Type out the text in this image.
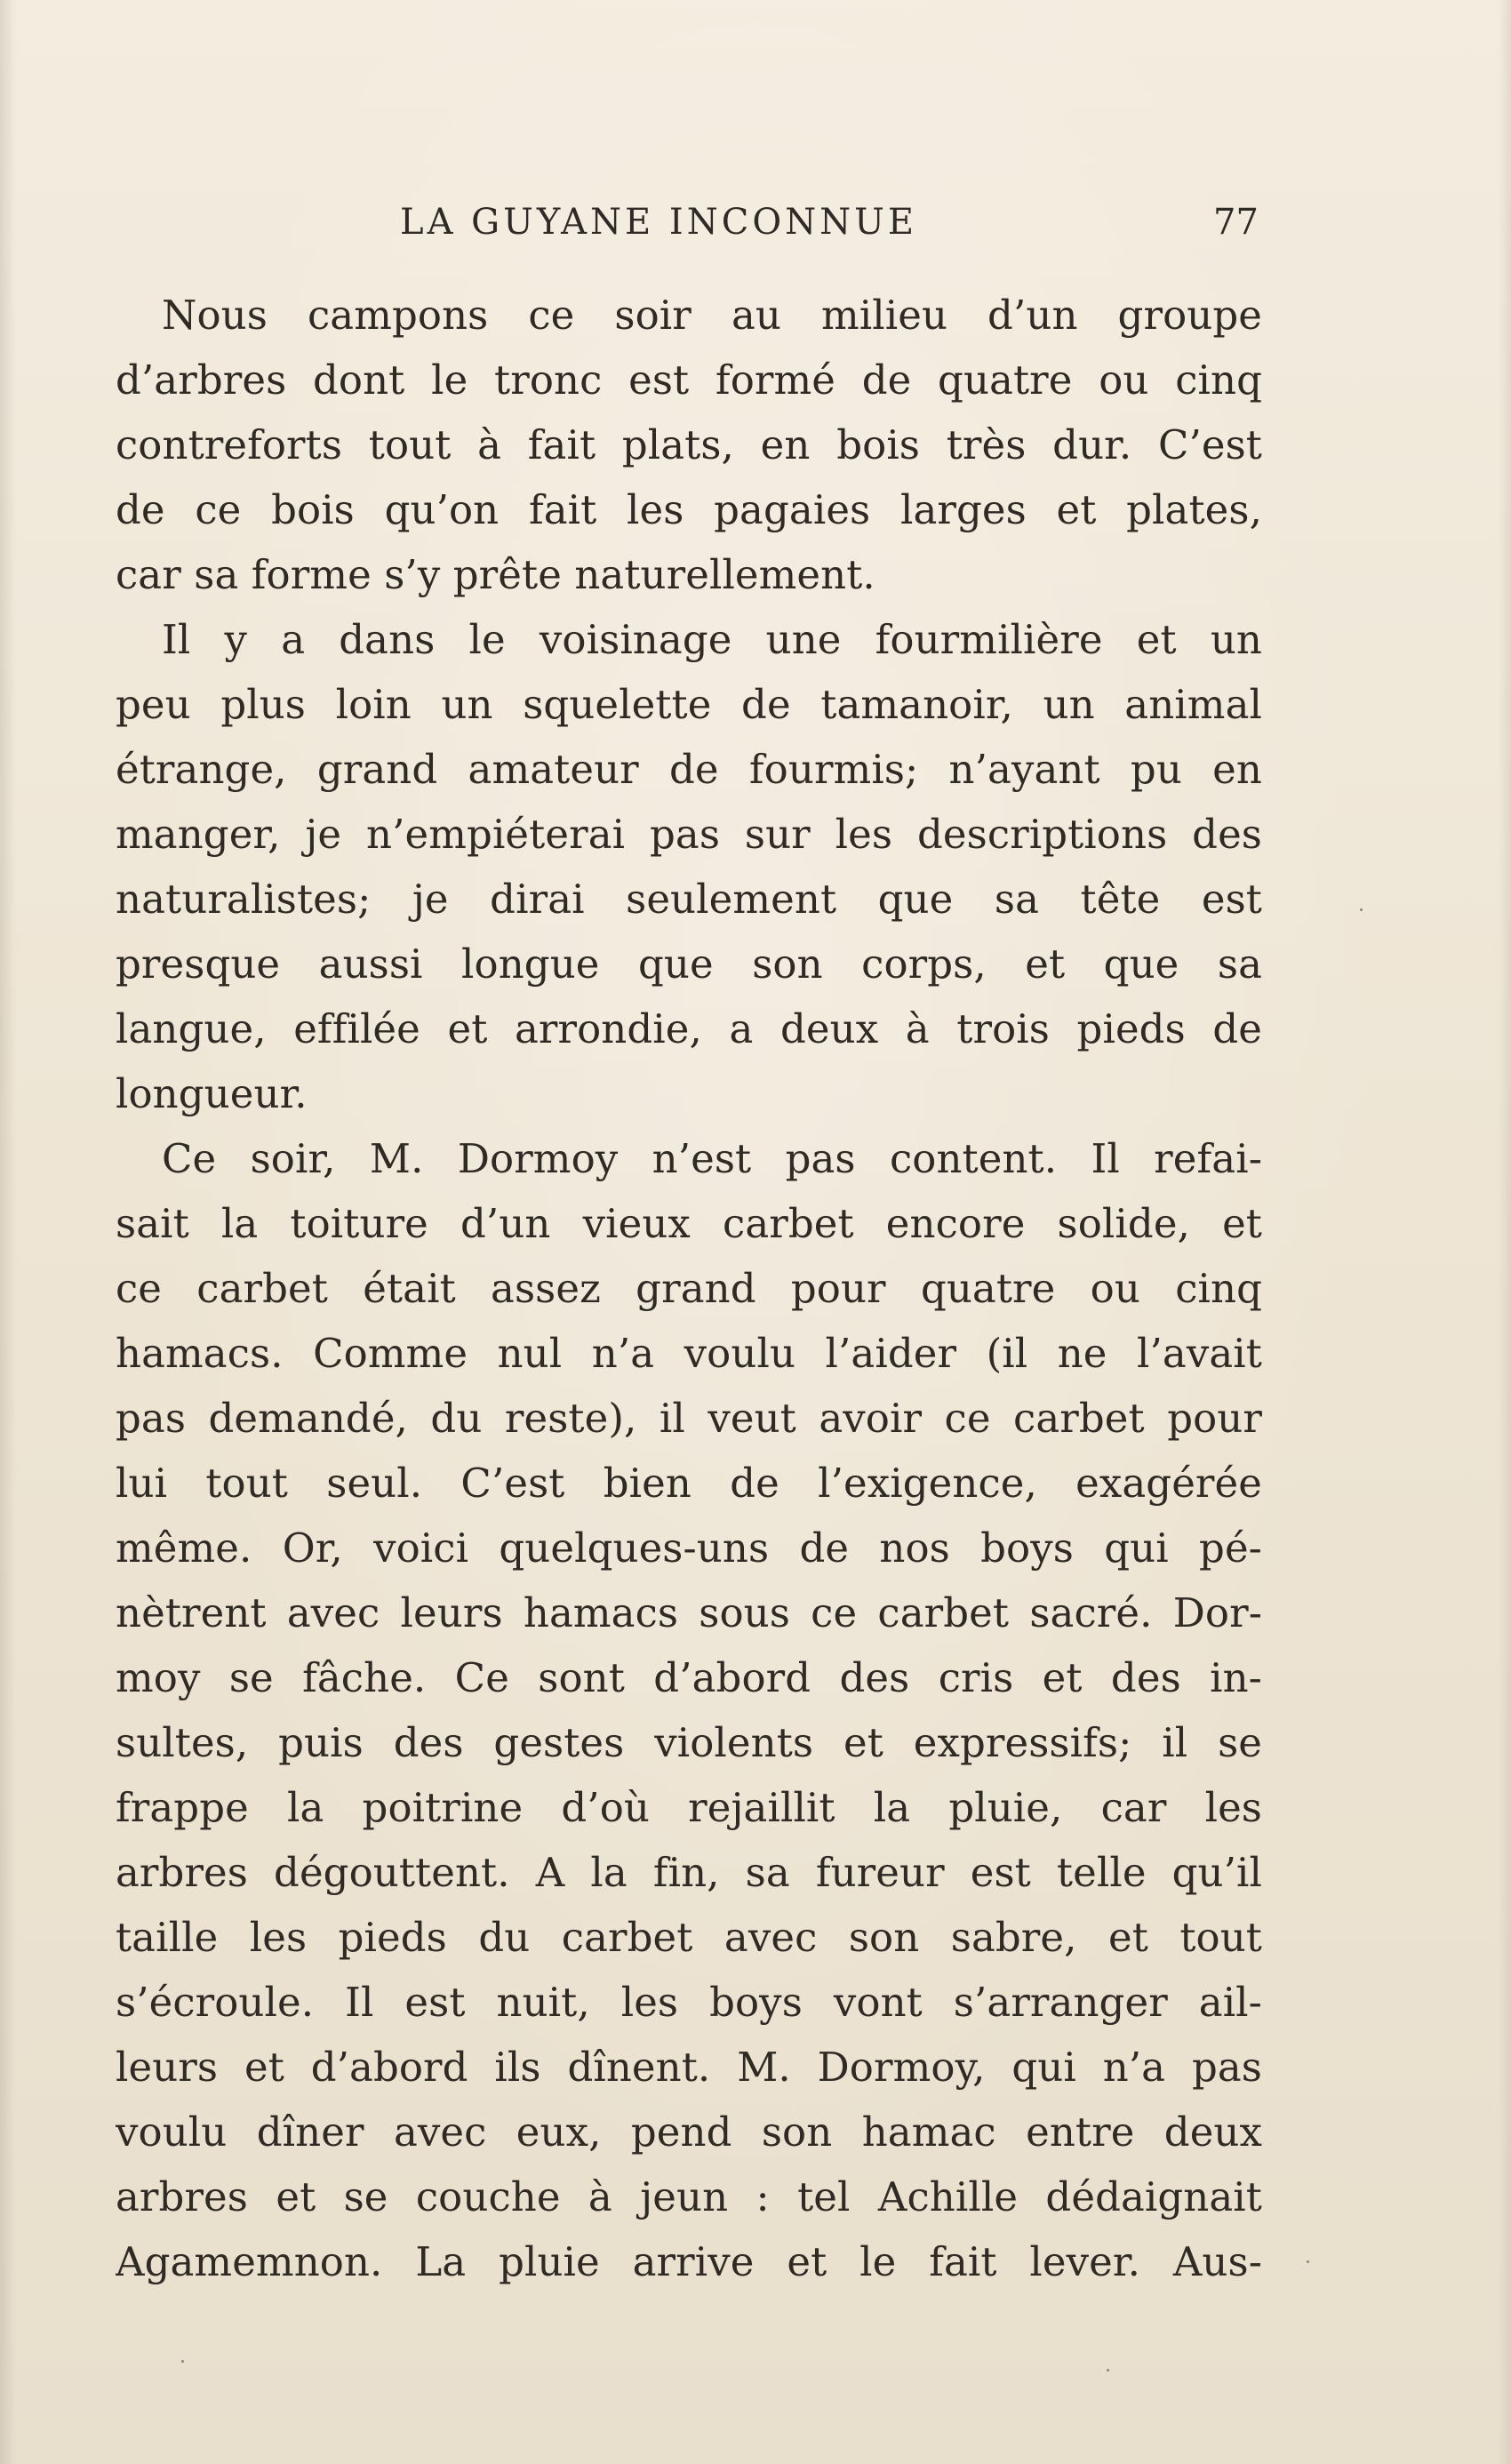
LA GUYANE INCONNUE	77
Nous campons ce soir au milieu d’un groupe
d’arbres dont le tronc est formé de quatre ou cinq
contreforts tout à fait plats, en bois très dur. C’est
de ce bois qu’on fait les pagaies larges et plates,
car sa forme s’y prête naturellement.
Il y a dans le voisinage une fourmilière et un
peu plus loin un squelette de tamanoir, un animal
étrange, grand amateur de fourmis; n’ayant pu en
manger, je n’empiéterai pas sur les descriptions des
naturalistes; je dirai seulement que sa tête est
presque aussi longue que son corps, et que sa
langue, effilée et arrondie, a deux à trois pieds de
longueur.
Ce soir, M. Dormoy n’est pas content. Il refai-
sait la toiture d’un vieux carbet encore solide, et
ce carbet était assez grand pour quatre ou cinq
hamacs. Comme nul n’a voulu l’aider (il ne l’avait
pas demandé, du reste), il veut avoir ce carbet pour
lui tout seul. C’est bien de l’exigence, exagérée
même. Or, voici quelques-uns de nos boys qui pé-
nètrent avec leurs hamacs sous ce carbet sacré. Dor-
moy se fâche. Ce sont d’abord des cris et des in-
sultes, puis des gestes violents et expressifs; il se
frappe la poitrine d’où rejaillit la pluie, car les
arbres dégouttent. A la fin, sa fureur est telle qu’il
taille les pieds du carbet avec son sabre, et tout
s’écroule. Il est nuit, les boys vont s’arranger ail-
leurs et d’abord ils dînent. M. Dormoy, qui n’a pas
voulu dîner avec eux, pend son hamac entre deux
arbres et se couche à jeun : tel Achille dédaignait
Agamemnon. La pluie arrive et le fait lever. Aus-
